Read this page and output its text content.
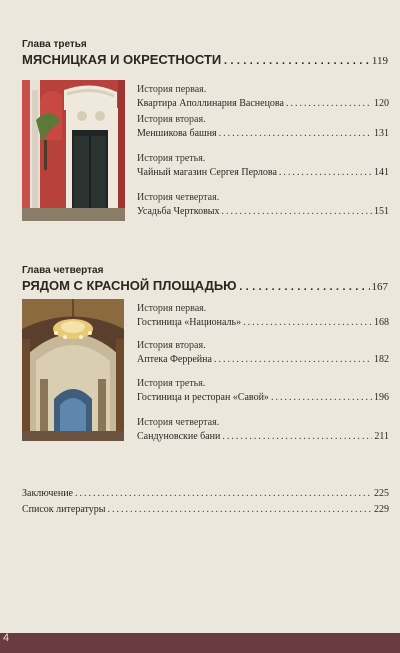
Глава третья
МЯСНИЦКАЯ И ОКРЕСТНОСТИ .....	119
История первая.
Квартира Аполлинария Васнецова .....	120
История вторая.
Меншикова башня .....	131
История третья.
Чайный магазин Сергея Перлова .....	141
История четвертая.
Усадьба Чертковых .....	151
Глава четвертая
РЯДОМ С КРАСНОЙ ПЛОЩАДЬЮ .....	167
История первая.
Гостиница «Националь» .....	168
История вторая.
Аптека Феррейна .....	182
История третья.
Гостиница и ресторан «Савой» .....	196
История четвертая.
Сандуновские бани .....	211
Заключение .....	225
Список литературы .....	229
4
